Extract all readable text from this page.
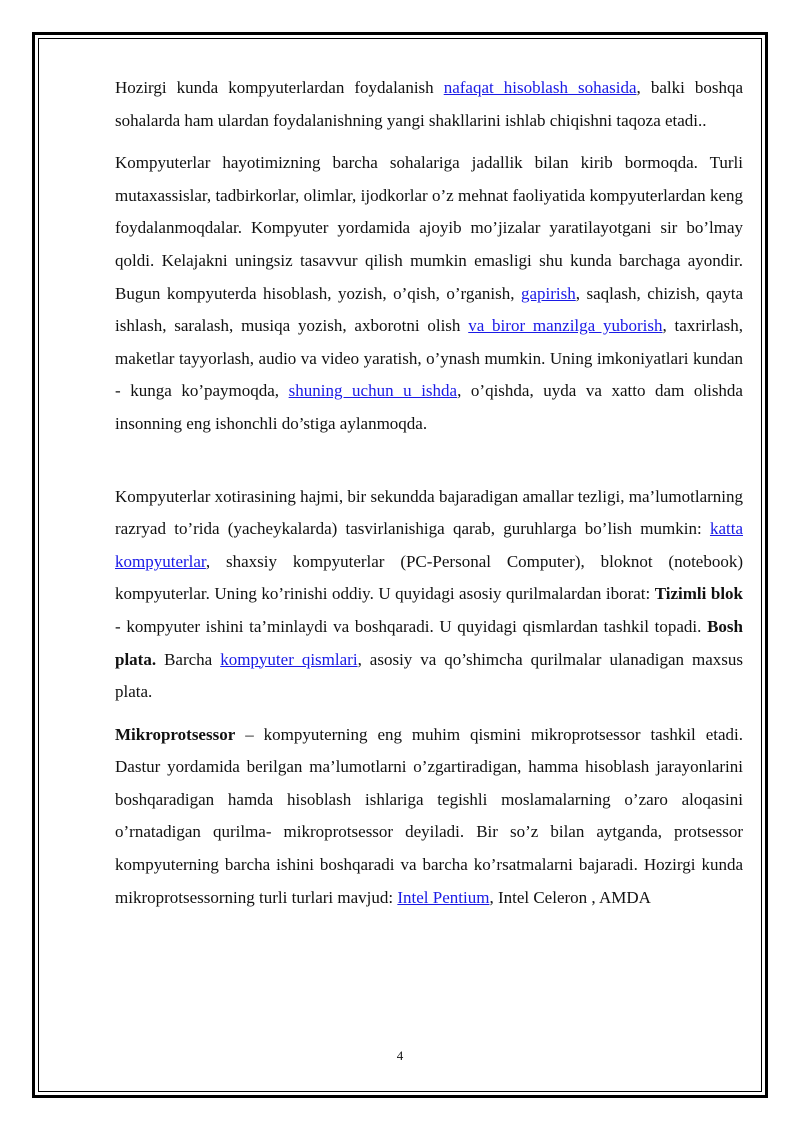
Hozirgi kunda kompyuterlardan foydalanish nafaqat hisoblash sohasida, balki boshqa sohalarda ham ulardan foydalanishning yangi shakllarini ishlab chiqishni taqoza etadi..

Kompyuterlar hayotimizning barcha sohalariga jadallik bilan kirib bormoqda. Turli mutaxassislar, tadbirkorlar, olimlar, ijodkorlar o’z mehnat faoliyatida kompyuterlardan keng foydalanmoqdalar. Kompyuter yordamida ajoyib mo’jizalar yaratilayotgani sir bo’lmay qoldi. Kelajakni uningsiz tasavvur qilish mumkin emasligi shu kunda barchaga ayondir. Bugun kompyuterda hisoblash, yozish, o’qish, o’rganish, gapirish, saqlash, chizish, qayta ishlash, saralash, musiqa yozish, axborotni olish va biror manzilga yuborish, taxrirlash, maketlar tayyorlash, audio va video yaratish, o’ynash mumkin. Uning imkoniyatlari kundan - kunga ko’paymoqda, shuning uchun u ishda, o’qishda, uyda va xatto dam olishda insonning eng ishonchli do’stiga aylanmoqda.

Kompyuterlar xotirasining hajmi, bir sekundda bajaradigan amallar tezligi, ma’lumotlarning razryad to’rida (yacheykalarda) tasvirlanishiga qarab, guruhlarga bo’lish mumkin: katta kompyuterlar, shaxsiy kompyuterlar (PC-Personal Computer), bloknot (notebook) kompyuterlar. Uning ko’rinishi oddiy. U quyidagi asosiy qurilmalardan iborat: Tizimli blok - kompyuter ishini ta’minlaydi va boshqaradi. U quyidagi qismlardan tashkil topadi. Bosh plata. Barcha kompyuter qismlari, asosiy va qo’shimcha qurilmalar ulanadigan maxsus plata.

Mikroprotsessor – kompyuterning eng muhim qismini mikroprotsessor tashkil etadi. Dastur yordamida berilgan ma’lumotlarni o’zgartiradigan, hamma hisoblash jarayonlarini boshqaradigan hamda hisoblash ishlariga tegishli moslamalarning o’zaro aloqasini o’rnatadigan qurilma- mikroprotsessor deyiladi. Bir so’z bilan aytganda, protsessor kompyuterning barcha ishini boshqaradi va barcha ko’rsatmalarni bajaradi. Hozirgi kunda mikroprotsessorning turli turlari mavjud: Intel Pentium, Intel Celeron , AMDA

4
